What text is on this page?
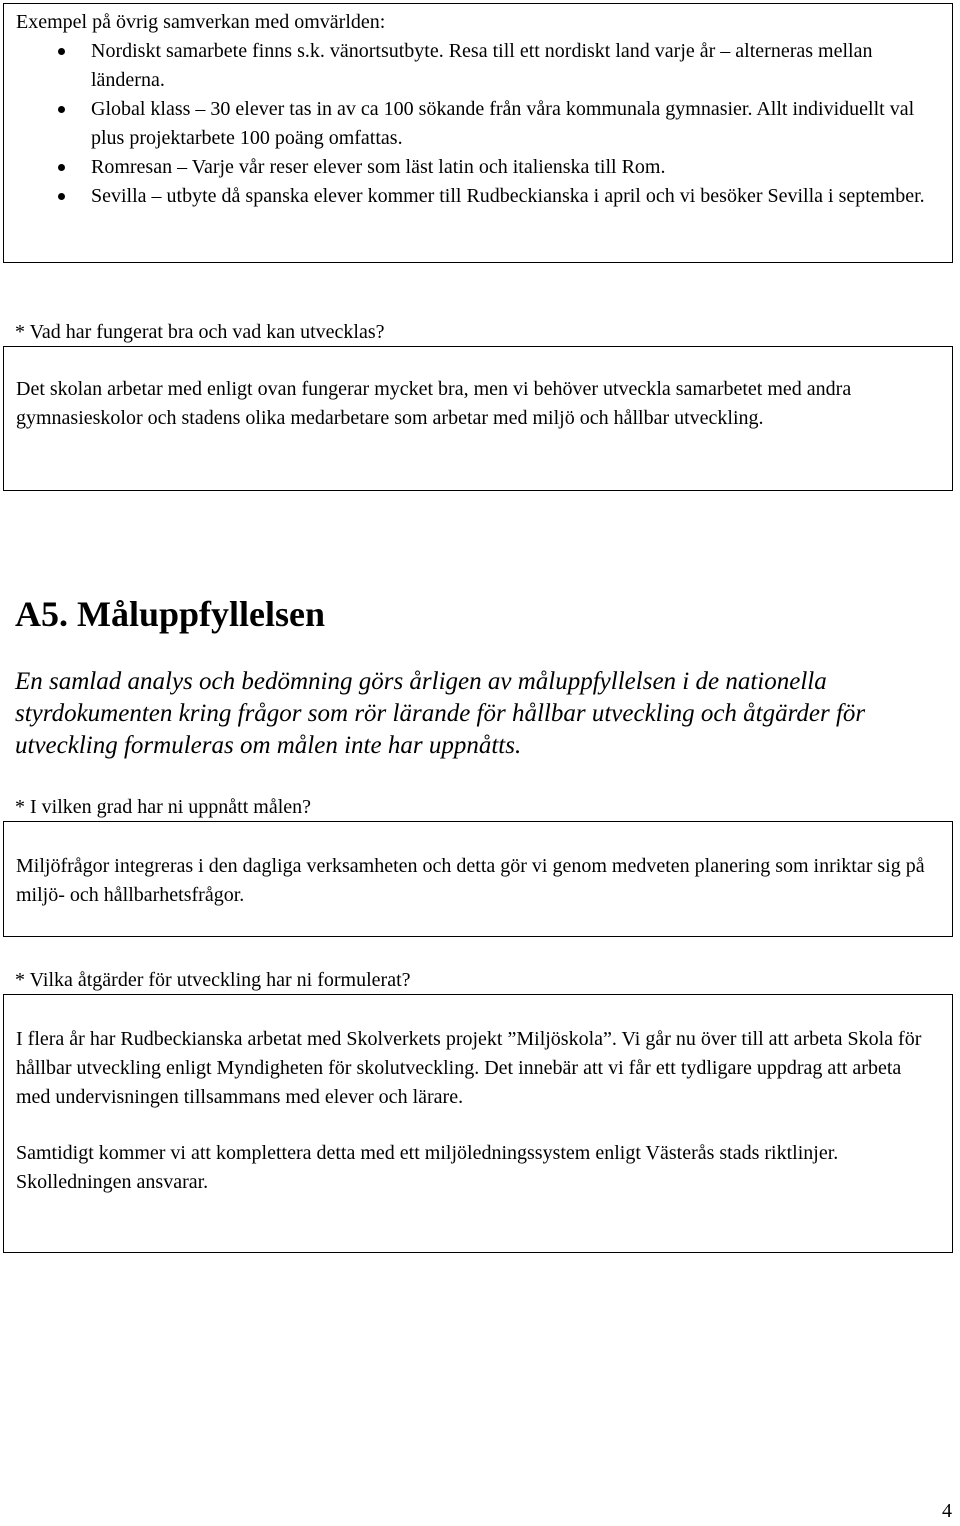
Exempel på övrig samverkan med omvärlden:

Nordiskt samarbete finns s.k. vänortsutbyte. Resa till ett nordiskt land varje år – alterneras mellan länderna.
Global klass – 30 elever tas in av ca 100 sökande från våra kommunala gymnasier. Allt individuellt val plus projektarbete 100 poäng omfattas.
Romresan – Varje vår reser elever som läst latin och italienska till Rom.
Sevilla – utbyte då spanska elever kommer till Rudbeckianska i april och vi besöker Sevilla i september.

* Vad har fungerat bra och vad kan utvecklas?

Det skolan arbetar med enligt ovan fungerar mycket bra, men vi behöver utveckla samarbetet med andra gymnasieskolor och stadens olika medarbetare som arbetar med miljö och hållbar utveckling.

A5. Måluppfyllelsen

En samlad analys och bedömning görs årligen av måluppfyllelsen i de nationella styrdokumenten kring frågor som rör lärande för hållbar utveckling och åtgärder för utveckling formuleras om målen inte har uppnåtts.

* I vilken grad har ni uppnått målen?

Miljöfrågor integreras i den dagliga verksamheten och detta gör vi genom medveten planering som inriktar sig på miljö- och hållbarhetsfrågor.

* Vilka åtgärder för utveckling har ni formulerat?

I flera år har Rudbeckianska arbetat med Skolverkets projekt ”Miljöskola”. Vi går nu över till att arbeta Skola för hållbar utveckling enligt Myndigheten för skolutveckling. Det innebär att vi får ett tydligare uppdrag att arbeta med undervisningen tillsammans med elever och lärare.

Samtidigt kommer vi att komplettera detta med ett miljöledningssystem enligt Västerås stads riktlinjer. Skolledningen ansvarar.

4
